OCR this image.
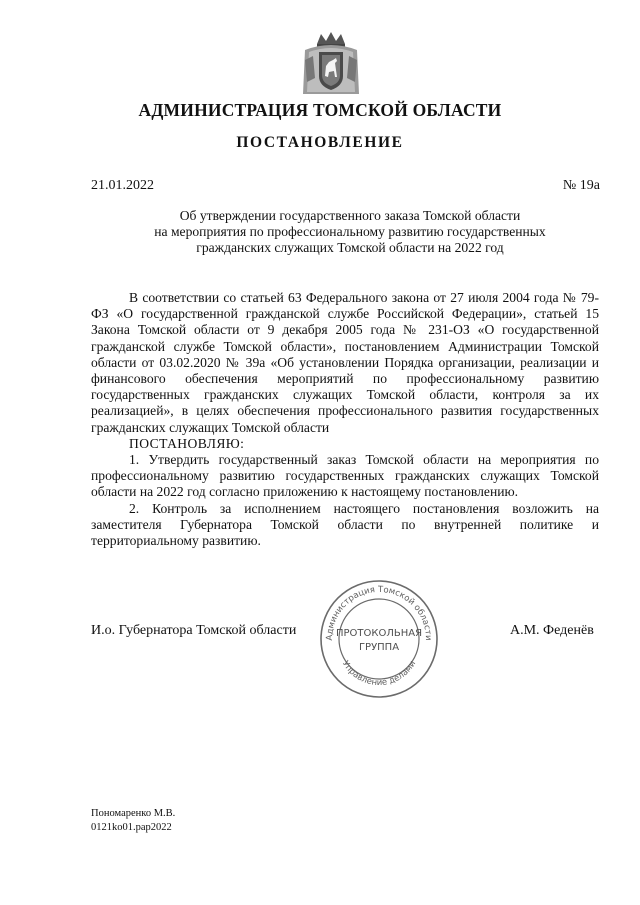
АДМИНИСТРАЦИЯ ТОМСКОЙ ОБЛАСТИ
ПОСТАНОВЛЕНИЕ
21.01.2022	№ 19а
Об утверждении государственного заказа Томской области
на мероприятия по профессиональному развитию государственных
гражданских служащих Томской области на 2022 год

В соответствии со статьей 63 Федерального закона от 27 июля 2004 года № 79-ФЗ «О государственной гражданской службе Российской Федерации», статьей 15 Закона Томской области от 9 декабря 2005 года № 231-ОЗ «О государственной гражданской службе Томской области», постановлением Администрации Томской области от 03.02.2020 № 39а «Об установлении Порядка организации, реализации и финансового обеспечения мероприятий по профессиональному развитию государственных гражданских служащих Томской области, контроля за их реализацией», в целях обеспечения профессионального развития государственных гражданских служащих Томской области

ПОСТАНОВЛЯЮ:

1. Утвердить государственный заказ Томской области на мероприятия по профессиональному развитию государственных гражданских служащих Томской области на 2022 год согласно приложению к настоящему постановлению.

2. Контроль за исполнением настоящего постановления возложить на заместителя Губернатора Томской области по внутренней политике и территориальному развитию.

И.о. Губернатора Томской области	А.М. Феденёв
Администрация Томской области
Управление делами
ПРОТОКОЛЬНАЯ
ГРУППА
Пономаренко М.В.
0121ko01.pap2022
